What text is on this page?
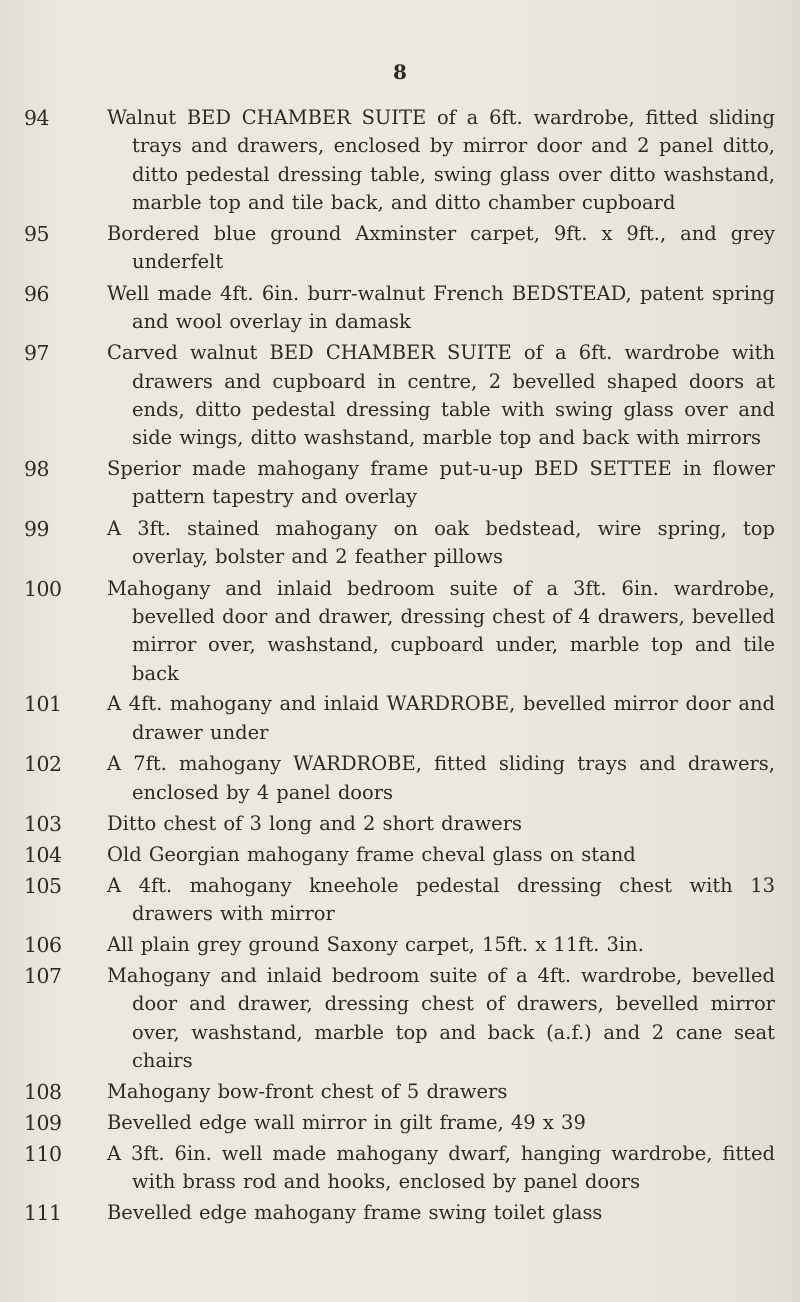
8
94	Walnut BED CHAMBER SUITE of a 6ft. wardrobe, fitted sliding trays and drawers, enclosed by mirror door and 2 panel ditto, ditto pedestal dressing table, swing glass over ditto washstand, marble top and tile back, and ditto chamber cupboard
95	Bordered blue ground Axminster carpet, 9ft. x 9ft., and grey underfelt
96	Well made 4ft. 6in. burr-walnut French BEDSTEAD, patent spring and wool overlay in damask
97	Carved walnut BED CHAMBER SUITE of a 6ft. wardrobe with drawers and cupboard in centre, 2 bevelled shaped doors at ends, ditto pedestal dressing table with swing glass over and side wings, ditto washstand, marble top and back with mirrors
98	Sperior made mahogany frame put-u-up BED SETTEE in flower pattern tapestry and overlay
99	A 3ft. stained mahogany on oak bedstead, wire spring, top overlay, bolster and 2 feather pillows
100	Mahogany and inlaid bedroom suite of a 3ft. 6in. wardrobe, bevelled door and drawer, dressing chest of 4 drawers, bevelled mirror over, washstand, cupboard under, marble top and tile back
101	A 4ft. mahogany and inlaid WARDROBE, bevelled mirror door and drawer under
102	A 7ft. mahogany WARDROBE, fitted sliding trays and drawers, enclosed by 4 panel doors
103	Ditto chest of 3 long and 2 short drawers
104	Old Georgian mahogany frame cheval glass on stand
105	A 4ft. mahogany kneehole pedestal dressing chest with 13 drawers with mirror
106	All plain grey ground Saxony carpet, 15ft. x 11ft. 3in.
107	Mahogany and inlaid bedroom suite of a 4ft. wardrobe, bevelled door and drawer, dressing chest of drawers, bevelled mirror over, washstand, marble top and back (a.f.) and 2 cane seat chairs
108	Mahogany bow-front chest of 5 drawers
109	Bevelled edge wall mirror in gilt frame, 49 x 39
110	A 3ft. 6in. well made mahogany dwarf, hanging wardrobe, fitted with brass rod and hooks, enclosed by panel doors
111	Bevelled edge mahogany frame swing toilet glass
